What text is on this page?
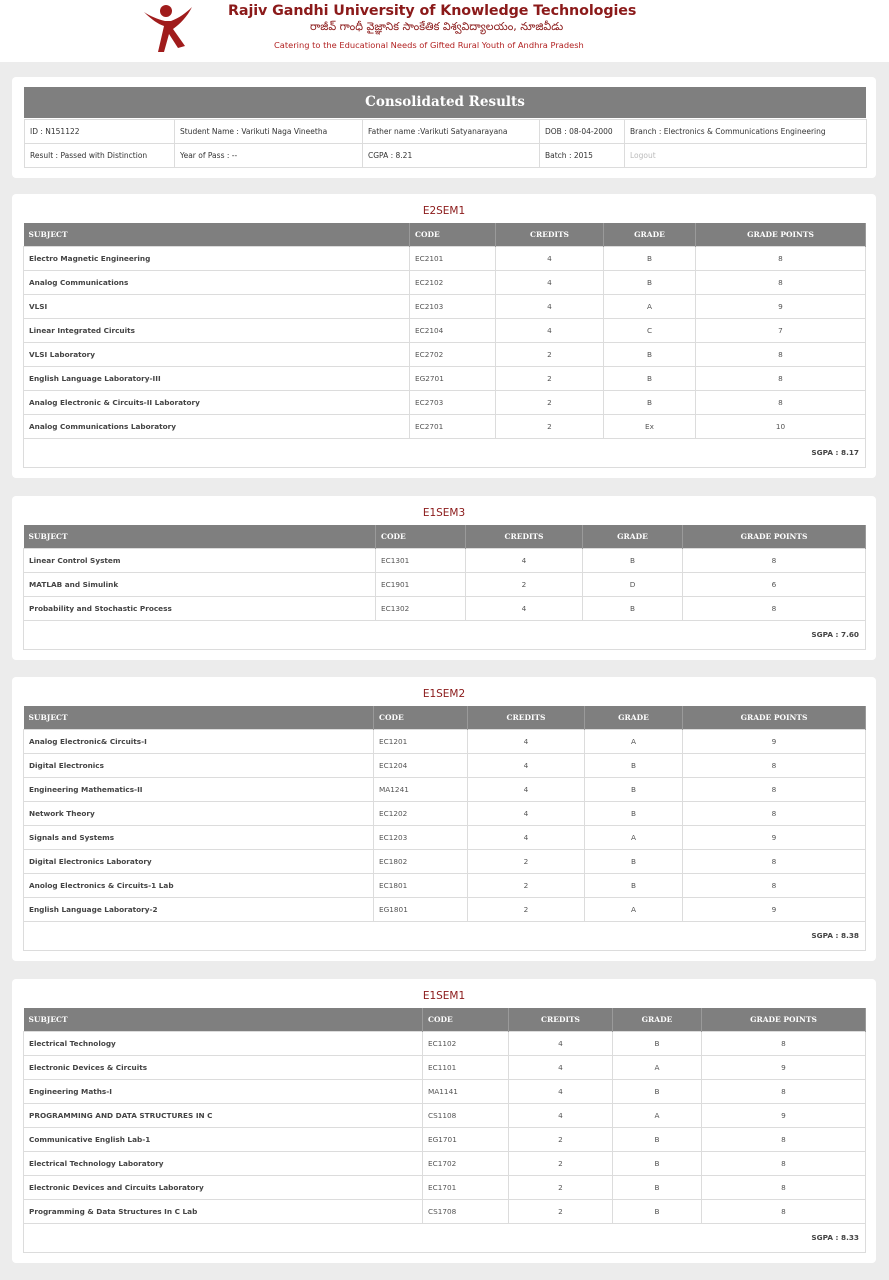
Rajiv Gandhi University of Knowledge Technologies
రాజీవ్ గాంధీ వైజ్ఞానిక సాంకేతిక విశ్వవిద్యాలయం, నూజివీడు
Catering to the Educational Needs of Gifted Rural Youth of Andhra Pradesh
Consolidated Results
ID : N151122	Student Name : Varikuti Naga Vineetha	Father name :Varikuti Satyanarayana	DOB : 08-04-2000	Branch : Electronics & Communications Engineering
Result : Passed with Distinction	Year of Pass : --	CGPA : 8.21	Batch : 2015	Logout
E2SEM1
SUBJECT	CODE	CREDITS	GRADE	GRADE POINTS
Electro Magnetic Engineering	EC2101	4	B	8
Analog Communications	EC2102	4	B	8
VLSI	EC2103	4	A	9
Linear Integrated Circuits	EC2104	4	C	7
VLSI Laboratory	EC2702	2	B	8
English Language Laboratory-III	EG2701	2	B	8
Analog Electronic & Circuits-II Laboratory	EC2703	2	B	8
Analog Communications Laboratory	EC2701	2	Ex	10
SGPA : 8.17				
E1SEM3
SUBJECT	CODE	CREDITS	GRADE	GRADE POINTS
Linear Control System	EC1301	4	B	8
MATLAB and Simulink	EC1901	2	D	6
Probability and Stochastic Process	EC1302	4	B	8
SGPA : 7.60				
E1SEM2
SUBJECT	CODE	CREDITS	GRADE	GRADE POINTS
Analog Electronic& Circuits-I	EC1201	4	A	9
Digital Electronics	EC1204	4	B	8
Engineering Mathematics-II	MA1241	4	B	8
Network Theory	EC1202	4	B	8
Signals and Systems	EC1203	4	A	9
Digital Electronics Laboratory	EC1802	2	B	8
Anolog Electronics & Circuits-1 Lab	EC1801	2	B	8
English Language Laboratory-2	EG1801	2	A	9
SGPA : 8.38				
E1SEM1
SUBJECT	CODE	CREDITS	GRADE	GRADE POINTS
Electrical Technology	EC1102	4	B	8
Electronic Devices & Circuits	EC1101	4	A	9
Engineering Maths-I	MA1141	4	B	8
PROGRAMMING AND DATA STRUCTURES IN C	CS1108	4	A	9
Communicative English Lab-1	EG1701	2	B	8
Electrical Technology Laboratory	EC1702	2	B	8
Electronic Devices and Circuits Laboratory	EC1701	2	B	8
Programming & Data Structures In C Lab	CS1708	2	B	8
SGPA : 8.33				
